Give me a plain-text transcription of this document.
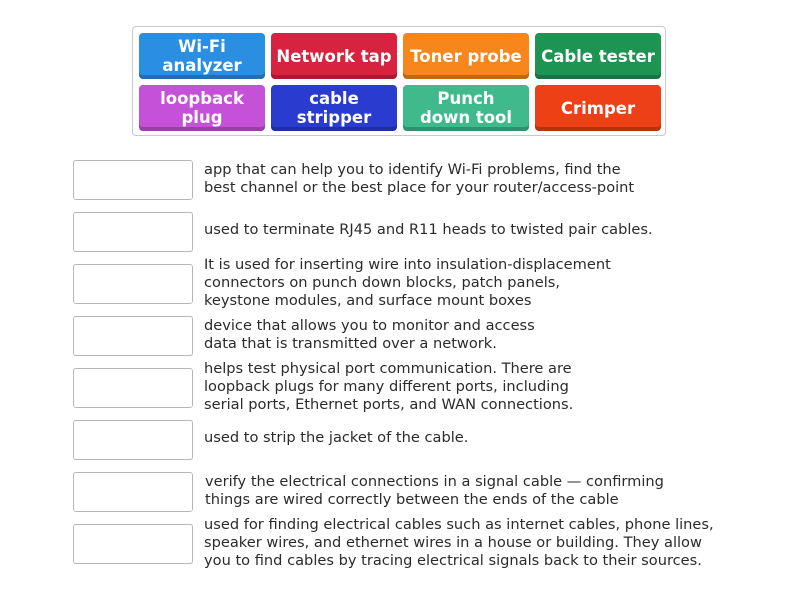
Wi-Fi
analyzer	Network tap	Toner probe	Cable tester
loopback
plug
cable
stripper
Punch
down tool	Crimper
app that can help you to identify Wi-Fi problems, find the
best channel or the best place for your router/access-point
used to terminate RJ45 and R11 heads to twisted pair cables.
It is used for inserting wire into insulation-displacement
connectors on punch down blocks, patch panels,
keystone modules, and surface mount boxes
device that allows you to monitor and access
data that is transmitted over a network.
helps test physical port communication. There are
loopback plugs for many different ports, including
serial ports, Ethernet ports, and WAN connections.
used to strip the jacket of the cable.
verify the electrical connections in a signal cable — confirming
things are wired correctly between the ends of the cable
used for finding electrical cables such as internet cables, phone lines,
speaker wires, and ethernet wires in a house or building. They allow
you to find cables by tracing electrical signals back to their sources.
